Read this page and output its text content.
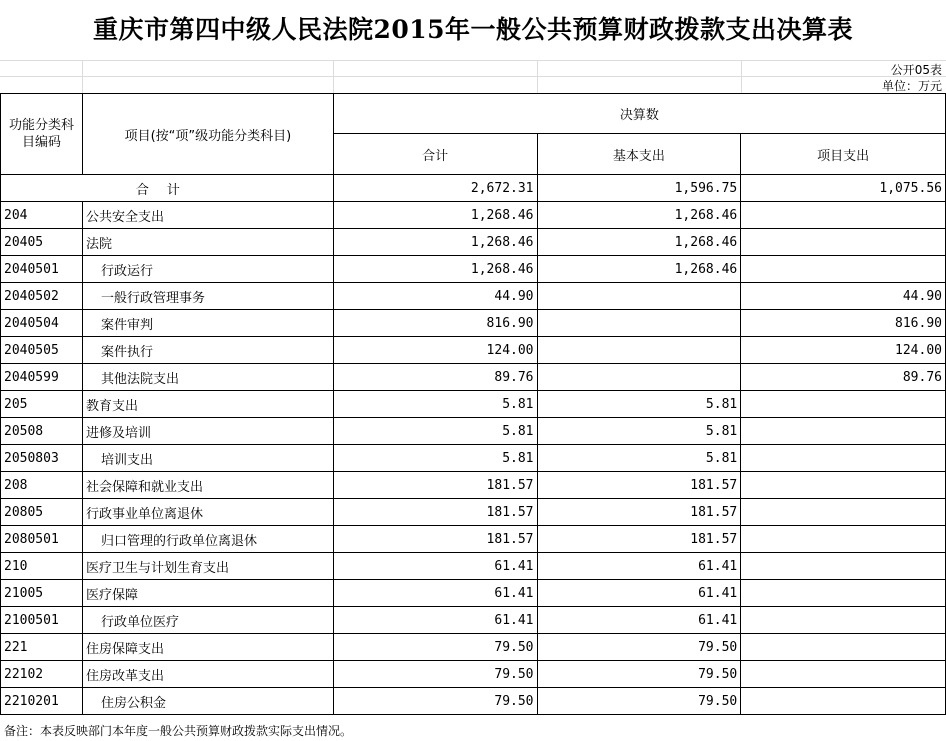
重庆市第四中级人民法院2015年一般公共预算财政拨款支出决算表
公开05表
单位：万元
功能分类科目编码	项目(按“项”级功能分类科目)	决算数		
		合计	基本支出	项目支出
合计		2,672.31	1,596.75	1,075.56
204	公共安全支出	1,268.46	1,268.46	
20405	法院	1,268.46	1,268.46	
2040501	行政运行	1,268.46	1,268.46	
2040502	一般行政管理事务	44.90		44.90
2040504	案件审判	816.90		816.90
2040505	案件执行	124.00		124.00
2040599	其他法院支出	89.76		89.76
205	教育支出	5.81	5.81	
20508	进修及培训	5.81	5.81	
2050803	培训支出	5.81	5.81	
208	社会保障和就业支出	181.57	181.57	
20805	行政事业单位离退休	181.57	181.57	
2080501	归口管理的行政单位离退休	181.57	181.57	
210	医疗卫生与计划生育支出	61.41	61.41	
21005	医疗保障	61.41	61.41	
2100501	行政单位医疗	61.41	61.41	
221	住房保障支出	79.50	79.50	
22102	住房改革支出	79.50	79.50	
2210201	住房公积金	79.50	79.50	
备注：本表反映部门本年度一般公共预算财政拨款实际支出情况。
